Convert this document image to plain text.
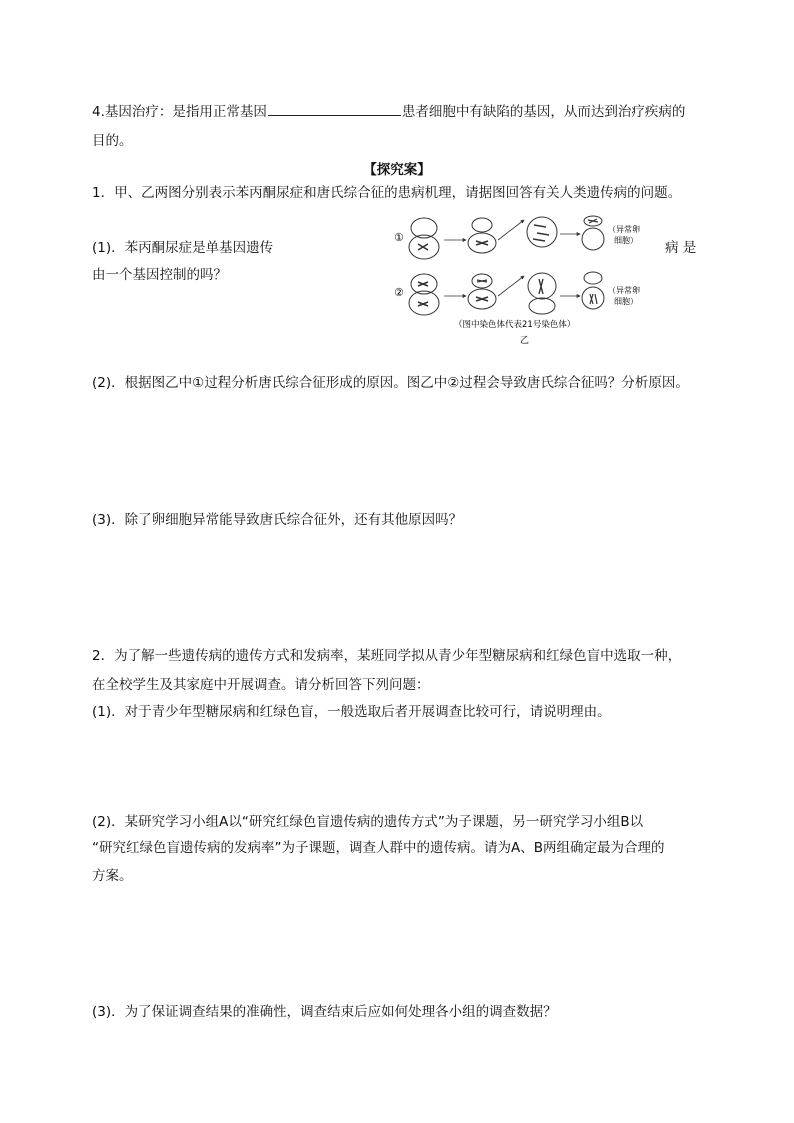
4.基因治疗：是指用正常基因	患者细胞中有缺陷的基因，从而达到治疗疾病的
目的。
【探究案】
1．甲、乙两图分别表示苯丙酮尿症和唐氏综合征的患病机理，请据图回答有关人类遗传病的问题。
(1)．苯丙酮尿症是单基因遗传	病 是
由一个基因控制的吗？
①
（异常卵
细胞）
②	（异常卵
细胞）
（图中染色体代表21号染色体）
乙
(2)．根据图乙中①过程分析唐氏综合征形成的原因。图乙中②过程会导致唐氏综合征吗？分析原因。
(3)．除了卵细胞异常能导致唐氏综合征外，还有其他原因吗？
2．为了解一些遗传病的遗传方式和发病率，某班同学拟从青少年型糖尿病和红绿色盲中选取一种，
在全校学生及其家庭中开展调查。请分析回答下列问题：
(1)．对于青少年型糖尿病和红绿色盲，一般选取后者开展调查比较可行，请说明理由。
(2)．某研究学习小组A以“研究红绿色盲遗传病的遗传方式”为子课题，另一研究学习小组B以
“研究红绿色盲遗传病的发病率”为子课题，调查人群中的遗传病。请为A、B两组确定最为合理的
方案。
(3)．为了保证调查结果的准确性，调查结束后应如何处理各小组的调查数据？
